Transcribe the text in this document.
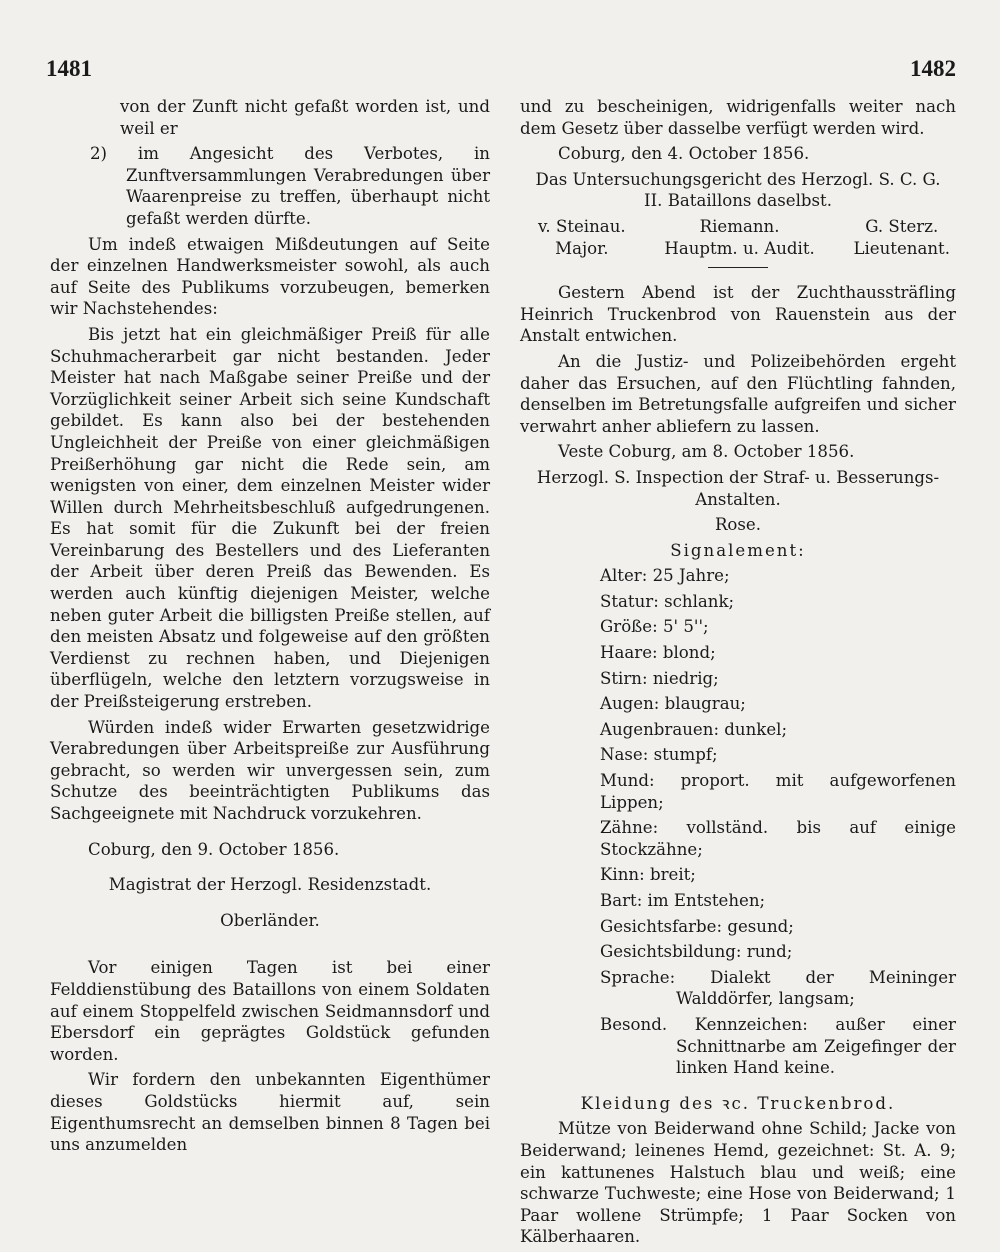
1481	1482

von der Zunft nicht gefaßt worden ist, und weil er

2) im Angesicht des Verbotes, in Zunftversammlungen Verabredungen über Waarenpreise zu treffen, überhaupt nicht gefaßt werden dürfte.

Um indeß etwaigen Mißdeutungen auf Seite der einzelnen Handwerksmeister sowohl, als auch auf Seite des Publikums vorzubeugen, bemerken wir Nachstehendes:

Bis jetzt hat ein gleichmäßiger Preiß für alle Schuhmacherarbeit gar nicht bestanden. Jeder Meister hat nach Maßgabe seiner Preiße und der Vorzüglichkeit seiner Arbeit sich seine Kundschaft gebildet. Es kann also bei der bestehenden Ungleichheit der Preiße von einer gleichmäßigen Preißerhöhung gar nicht die Rede sein, am wenigsten von einer, dem einzelnen Meister wider Willen durch Mehrheitsbeschluß aufgedrungenen. Es hat somit für die Zukunft bei der freien Vereinbarung des Bestellers und des Lieferanten der Arbeit über deren Preiß das Bewenden. Es werden auch künftig diejenigen Meister, welche neben guter Arbeit die billigsten Preiße stellen, auf den meisten Absatz und folgeweise auf den größten Verdienst zu rechnen haben, und Diejenigen überflügeln, welche den letztern vorzugsweise in der Preißsteigerung erstreben.

Würden indeß wider Erwarten gesetzwidrige Verabredungen über Arbeitspreiße zur Ausführung gebracht, so werden wir unvergessen sein, zum Schutze des beeinträchtigten Publikums das Sachgeeignete mit Nachdruck vorzukehren.

Coburg, den 9. October 1856.

Magistrat der Herzogl. Residenzstadt.

Oberländer.

Vor einigen Tagen ist bei einer Felddienstübung des Bataillons von einem Soldaten auf einem Stoppelfeld zwischen Seidmannsdorf und Ebersdorf ein geprägtes Goldstück gefunden worden.

Wir fordern den unbekannten Eigenthümer dieses Goldstücks hiermit auf, sein Eigenthumsrecht an demselben binnen 8 Tagen bei uns anzumelden

und zu bescheinigen, widrigenfalls weiter nach dem Gesetz über dasselbe verfügt werden wird.

Coburg, den 4. October 1856.

Das Untersuchungsgericht des Herzogl. S. C. G.

II. Bataillons daselbst.

v. Steinau.
Major.
Riemann.
Hauptm. u. Audit.
G. Sterz.
Lieutenant.

Gestern Abend ist der Zuchthaussträfling Heinrich Truckenbrod von Rauenstein aus der Anstalt entwichen.

An die Justiz- und Polizeibehörden ergeht daher das Ersuchen, auf den Flüchtling fahnden, denselben im Betretungsfalle aufgreifen und sicher verwahrt anher abliefern zu lassen.

Veste Coburg, am 8. October 1856.

Herzogl. S. Inspection der Straf- u. Besserungs-Anstalten.

Rose.

Signalement:

Alter: 25 Jahre;

Statur: schlank;

Größe: 5' 5'';

Haare: blond;

Stirn: niedrig;

Augen: blaugrau;

Augenbrauen: dunkel;

Nase: stumpf;

Mund: proport. mit aufgeworfenen Lippen;

Zähne: vollständ. bis auf einige Stockzähne;

Kinn: breit;

Bart: im Entstehen;

Gesichtsfarbe: gesund;

Gesichtsbildung: rund;

Sprache: Dialekt der Meininger Walddörfer, langsam;

Besond. Kennzeichen: außer einer Schnittnarbe am Zeigefinger der linken Hand keine.

Kleidung des ꝛc. Truckenbrod.

Mütze von Beiderwand ohne Schild; Jacke von Beiderwand; leinenes Hemd, gezeichnet: St. A. 9; ein kattunenes Halstuch blau und weiß; eine schwarze Tuchweste; eine Hose von Beiderwand; 1 Paar wollene Strümpfe; 1 Paar Socken von Kälberhaaren.
